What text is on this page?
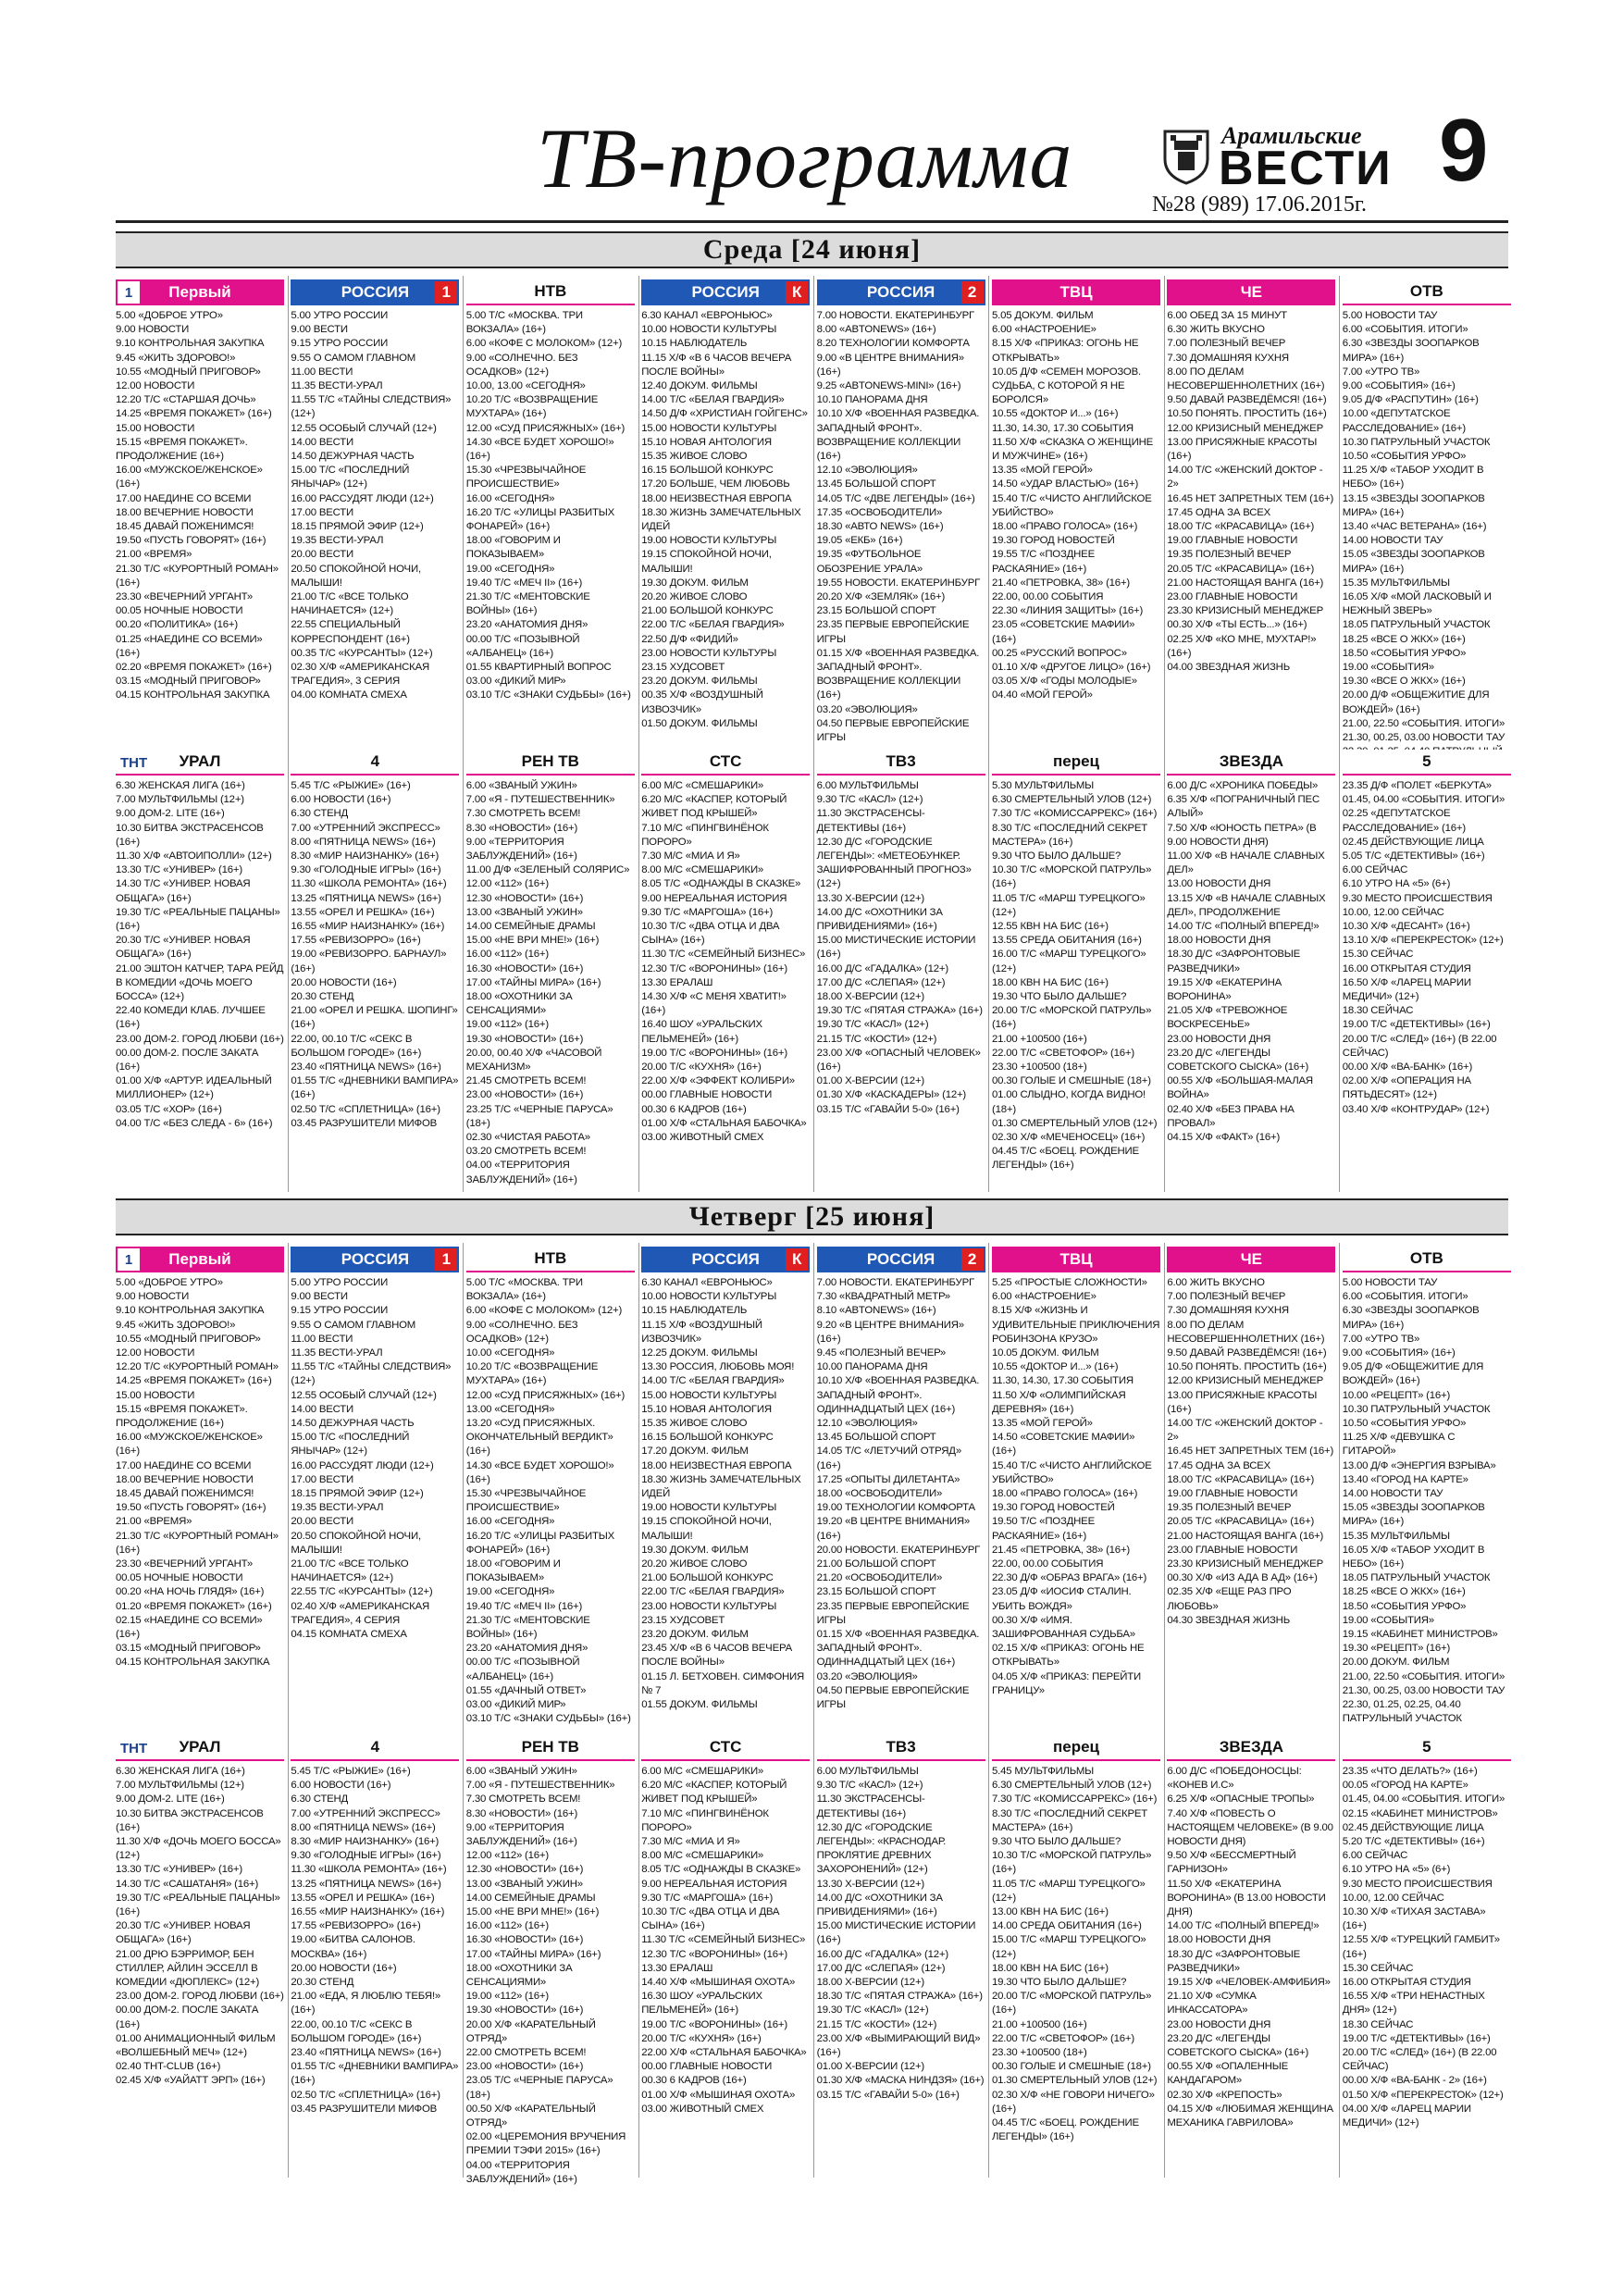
ТВ-программа	Арамильские
ВЕСТИ
№28 (989) 17.06.2015г.
9
Среда [24 июня]
1	Первый
5.00 «ДОБРОЕ УТРО»
9.00 НОВОСТИ
9.10 КОНТРОЛЬНАЯ ЗАКУПКА
9.45 «ЖИТЬ ЗДОРОВО!»
10.55 «МОДНЫЙ ПРИГОВОР»
12.00 НОВОСТИ
12.20 Т/С «СТАРШАЯ ДОЧЬ»
14.25 «ВРЕМЯ ПОКАЖЕТ» (16+)
15.00 НОВОСТИ
15.15 «ВРЕМЯ ПОКАЖЕТ». ПРОДОЛЖЕНИЕ (16+)
16.00 «МУЖСКОЕ/ЖЕНСКОЕ» (16+)
17.00 НАЕДИНЕ СО ВСЕМИ
18.00 ВЕЧЕРНИЕ НОВОСТИ
18.45 ДАВАЙ ПОЖЕНИМСЯ!
19.50 «ПУСТЬ ГОВОРЯТ» (16+)
21.00 «ВРЕМЯ»
21.30 Т/С «КУРОРТНЫЙ РОМАН» (16+)
23.30 «ВЕЧЕРНИЙ УРГАНТ»
00.05 НОЧНЫЕ НОВОСТИ
00.20 «ПОЛИТИКА» (16+)
01.25 «НАЕДИНЕ СО ВСЕМИ» (16+)
02.20 «ВРЕМЯ ПОКАЖЕТ» (16+)
03.15 «МОДНЫЙ ПРИГОВОР»
04.15 КОНТРОЛЬНАЯ ЗАКУПКА
РОССИЯ	1
5.00 УТРО РОССИИ
9.00 ВЕСТИ
9.15 УТРО РОССИИ
9.55 О САМОМ ГЛАВНОМ
11.00 ВЕСТИ
11.35 ВЕСТИ-УРАЛ
11.55 Т/С «ТАЙНЫ СЛЕДСТВИЯ» (12+)
12.55 ОСОБЫЙ СЛУЧАЙ (12+)
14.00 ВЕСТИ
14.50 ДЕЖУРНАЯ ЧАСТЬ
15.00 Т/С «ПОСЛЕДНИЙ ЯНЫЧАР» (12+)
16.00 РАССУДЯТ ЛЮДИ (12+)
17.00 ВЕСТИ
18.15 ПРЯМОЙ ЭФИР (12+)
19.35 ВЕСТИ-УРАЛ
20.00 ВЕСТИ
20.50 СПОКОЙНОЙ НОЧИ, МАЛЫШИ!
21.00 Т/С «ВСЕ ТОЛЬКО НАЧИНАЕТСЯ» (12+)
22.55 СПЕЦИАЛЬНЫЙ КОРРЕСПОНДЕНТ (16+)
00.35 Т/С «КУРСАНТЫ» (12+)
02.30 Х/Ф «АМЕРИКАНСКАЯ ТРАГЕДИЯ», 3 СЕРИЯ
04.00 КОМНАТА СМЕХА
НТВ
5.00 Т/С «МОСКВА. ТРИ ВОКЗАЛА» (16+)
6.00 «КОФЕ С МОЛОКОМ» (12+)
9.00 «СОЛНЕЧНО. БЕЗ ОСАДКОВ» (12+)
10.00, 13.00 «СЕГОДНЯ»
10.20 Т/С «ВОЗВРАЩЕНИЕ МУХТАРА» (16+)
12.00 «СУД ПРИСЯЖНЫХ» (16+)
14.30 «ВСЕ БУДЕТ ХОРОШО!» (16+)
15.30 «ЧРЕЗВЫЧАЙНОЕ ПРОИСШЕСТВИЕ»
16.00 «СЕГОДНЯ»
16.20 Т/С «УЛИЦЫ РАЗБИТЫХ ФОНАРЕЙ» (16+)
18.00 «ГОВОРИМ И ПОКАЗЫВАЕМ»
19.00 «СЕГОДНЯ»
19.40 Т/С «МЕЧ II» (16+)
21.30 Т/С «МЕНТОВСКИЕ ВОЙНЫ» (16+)
23.20 «АНАТОМИЯ ДНЯ»
00.00 Т/С «ПОЗЫВНОЙ «АЛБАНЕЦ» (16+)
01.55 КВАРТИРНЫЙ ВОПРОС
03.00 «ДИКИЙ МИР»
03.10 Т/С «ЗНАКИ СУДЬБЫ» (16+)
РОССИЯ	К
6.30 КАНАЛ «ЕВРОНЬЮС»
10.00 НОВОСТИ КУЛЬТУРЫ
10.15 НАБЛЮДАТЕЛЬ
11.15 Х/Ф «В 6 ЧАСОВ ВЕЧЕРА ПОСЛЕ ВОЙНЫ»
12.40 ДОКУМ. ФИЛЬМЫ
14.00 Т/С «БЕЛАЯ ГВАРДИЯ»
14.50 Д/Ф «ХРИСТИАН ГОЙГЕНС»
15.00 НОВОСТИ КУЛЬТУРЫ
15.10 НОВАЯ АНТОЛОГИЯ
15.35 ЖИВОЕ СЛОВО
16.15 БОЛЬШОЙ КОНКУРС
17.20 БОЛЬШЕ, ЧЕМ ЛЮБОВЬ
18.00 НЕИЗВЕСТНАЯ ЕВРОПА
18.30 ЖИЗНЬ ЗАМЕЧАТЕЛЬНЫХ ИДЕЙ
19.00 НОВОСТИ КУЛЬТУРЫ
19.15 СПОКОЙНОЙ НОЧИ, МАЛЫШИ!
19.30 ДОКУМ. ФИЛЬМ
20.20 ЖИВОЕ СЛОВО
21.00 БОЛЬШОЙ КОНКУРС
22.00 Т/С «БЕЛАЯ ГВАРДИЯ»
22.50 Д/Ф «ФИДИЙ»
23.00 НОВОСТИ КУЛЬТУРЫ
23.15 ХУДСОВЕТ
23.20 ДОКУМ. ФИЛЬМЫ
00.35 Х/Ф «ВОЗДУШНЫЙ ИЗВОЗЧИК»
01.50 ДОКУМ. ФИЛЬМЫ
РОССИЯ	2
7.00 НОВОСТИ. ЕКАТЕРИНБУРГ
8.00 «ABTONEWS» (16+)
8.20 ТЕХНОЛОГИИ КОМФОРТА
9.00 «В ЦЕНТРЕ ВНИМАНИЯ» (16+)
9.25 «ABTONEWS-MINI» (16+)
10.10 ПАНОРАМА ДНЯ
10.10 Х/Ф «ВОЕННАЯ РАЗВЕДКА. ЗАПАДНЫЙ ФРОНТ». ВОЗВРАЩЕНИЕ КОЛЛЕКЦИИ (16+)
12.10 «ЭВОЛЮЦИЯ»
13.45 БОЛЬШОЙ СПОРТ
14.05 Т/С «ДВЕ ЛЕГЕНДЫ» (16+)
17.35 «ОСВОБОДИТЕЛИ»
18.30 «АВТО NEWS» (16+)
19.05 «ЕКБ» (16+)
19.35 «ФУТБОЛЬНОЕ ОБОЗРЕНИЕ УРАЛА»
19.55 НОВОСТИ. ЕКАТЕРИНБУРГ
20.20 Х/Ф «ЗЕМЛЯК» (16+)
23.15 БОЛЬШОЙ СПОРТ
23.35 ПЕРВЫЕ ЕВРОПЕЙСКИЕ ИГРЫ
01.15 Х/Ф «ВОЕННАЯ РАЗВЕДКА. ЗАПАДНЫЙ ФРОНТ». ВОЗВРАЩЕНИЕ КОЛЛЕКЦИИ (16+)
03.20 «ЭВОЛЮЦИЯ»
04.50 ПЕРВЫЕ ЕВРОПЕЙСКИЕ ИГРЫ
ТВЦ
5.05 ДОКУМ. ФИЛЬМ
6.00 «НАСТРОЕНИЕ»
8.15 Х/Ф «ПРИКАЗ: ОГОНЬ НЕ ОТКРЫВАТЬ»
10.05 Д/Ф «СЕМЕН МОРОЗОВ. СУДЬБА, С КОТОРОЙ Я НЕ БОРОЛСЯ»
10.55 «ДОКТОР И...» (16+)
11.30, 14.30, 17.30 СОБЫТИЯ
11.50 Х/Ф «СКАЗКА О ЖЕНЩИНЕ И МУЖЧИНЕ» (16+)
13.35 «МОЙ ГЕРОЙ»
14.50 «УДАР ВЛАСТЬЮ» (16+)
15.40 Т/С «ЧИСТО АНГЛИЙСКОЕ УБИЙСТВО»
18.00 «ПРАВО ГОЛОСА» (16+)
19.30 ГОРОД НОВОСТЕЙ
19.55 Т/С «ПОЗДНЕЕ РАСКАЯНИЕ» (16+)
21.40 «ПЕТРОВКА, 38» (16+)
22.00, 00.00 СОБЫТИЯ
22.30 «ЛИНИЯ ЗАЩИТЫ» (16+)
23.05 «СОВЕТСКИЕ МАФИИ» (16+)
00.25 «РУССКИЙ ВОПРОС»
01.10 Х/Ф «ДРУГОЕ ЛИЦО» (16+)
03.05 Х/Ф «ГОДЫ МОЛОДЫЕ»
04.40 «МОЙ ГЕРОЙ»
ЧЕ
6.00 ОБЕД ЗА 15 МИНУТ
6.30 ЖИТЬ ВКУСНО
7.00 ПОЛЕЗНЫЙ ВЕЧЕР
7.30 ДОМАШНЯЯ КУХНЯ
8.00 ПО ДЕЛАМ НЕСОВЕРШЕННОЛЕТНИХ (16+)
9.50 ДАВАЙ РАЗВЕДЁМСЯ! (16+)
10.50 ПОНЯТЬ. ПРОСТИТЬ (16+)
12.00 КРИЗИСНЫЙ МЕНЕДЖЕР
13.00 ПРИСЯЖНЫЕ КРАСОТЫ (16+)
14.00 Т/С «ЖЕНСКИЙ ДОКТОР - 2»
16.45 НЕТ ЗАПРЕТНЫХ ТЕМ (16+)
17.45 ОДНА ЗА ВСЕХ
18.00 Т/С «КРАСАВИЦА» (16+)
19.00 ГЛАВНЫЕ НОВОСТИ
19.35 ПОЛЕЗНЫЙ ВЕЧЕР
20.05 Т/С «КРАСАВИЦА» (16+)
21.00 НАСТОЯЩАЯ ВАНГА (16+)
23.00 ГЛАВНЫЕ НОВОСТИ
23.30 КРИЗИСНЫЙ МЕНЕДЖЕР
00.30 Х/Ф «ТЫ ЕСТЬ...» (16+)
02.25 Х/Ф «КО МНЕ, МУХТАР!» (16+)
04.00 ЗВЕЗДНАЯ ЖИЗНЬ
ОТВ
5.00 НОВОСТИ ТАУ
6.00 «СОБЫТИЯ. ИТОГИ»
6.30 «ЗВЕЗДЫ ЗООПАРКОВ МИРА» (16+)
7.00 «УТРО ТВ»
9.00 «СОБЫТИЯ» (16+)
9.05 Д/Ф «РАСПУТИН» (16+)
10.00 «ДЕПУТАТСКОЕ РАССЛЕДОВАНИЕ» (16+)
10.30 ПАТРУЛЬНЫЙ УЧАСТОК
10.50 «СОБЫТИЯ УРФО»
11.25 Х/Ф «ТАБОР УХОДИТ В НЕБО» (16+)
13.15 «ЗВЕЗДЫ ЗООПАРКОВ МИРА» (16+)
13.40 «ЧАС ВЕТЕРАНА» (16+)
14.00 НОВОСТИ ТАУ
15.05 «ЗВЕЗДЫ ЗООПАРКОВ МИРА» (16+)
15.35 МУЛЬТФИЛЬМЫ
16.05 Х/Ф «МОЙ ЛАСКОВЫЙ И НЕЖНЫЙ ЗВЕРЬ»
18.05 ПАТРУЛЬНЫЙ УЧАСТОК
18.25 «ВСЕ О ЖКХ» (16+)
18.50 «СОБЫТИЯ УРФО»
19.00 «СОБЫТИЯ»
19.30 «ВСЕ О ЖКХ» (16+)
20.00 Д/Ф «ОБЩЕЖИТИЕ ДЛЯ ВОЖДЕЙ» (16+)
21.00, 22.50 «СОБЫТИЯ. ИТОГИ»
21.30, 00.25, 03.00 НОВОСТИ ТАУ
ТНТ УРАЛ
6.30 ЖЕНСКАЯ ЛИГА (16+)
7.00 МУЛЬТФИЛЬМЫ (12+)
9.00 ДОМ-2. LITE (16+)
10.30 БИТВА ЭКСТРАСЕНСОВ (16+)
11.30 Х/Ф «АВТОИПОЛЛИ» (12+)
13.30 Т/С «УНИВЕР» (16+)
14.30 Т/С «УНИВЕР. НОВАЯ ОБЩАГА» (16+)
19.30 Т/С «РЕАЛЬНЫЕ ПАЦАНЫ» (16+)
20.30 Т/С «УНИВЕР. НОВАЯ ОБЩАГА» (16+)
21.00 ЭШТОН КАТЧЕР, ТАРА РЕЙД В КОМЕДИИ «ДОЧЬ МОЕГО БОССА» (12+)
22.40 КОМЕДИ КЛАБ. ЛУЧШЕЕ (16+)
23.00 ДОМ-2. ГОРОД ЛЮБВИ (16+)
00.00 ДОМ-2. ПОСЛЕ ЗАКАТА (16+)
01.00 Х/Ф «АРТУР. ИДЕАЛЬНЫЙ МИЛЛИОНЕР» (12+)
03.05 Т/С «ХОР» (16+)
04.00 Т/С «БЕЗ СЛЕДА - 6» (16+)
4
5.45 Т/С «РЫЖИЕ» (16+)
6.00 НОВОСТИ (16+)
6.30 СТЕНД
7.00 «УТРЕННИЙ ЭКСПРЕСС»
8.00 «ПЯТНИЦА NEWS» (16+)
8.30 «МИР НАИЗНАНКУ» (16+)
9.30 «ГОЛОДНЫЕ ИГРЫ» (16+)
11.30 «ШКОЛА РЕМОНТА» (16+)
13.25 «ПЯТНИЦА NEWS» (16+)
13.55 «ОРЕЛ И РЕШКА» (16+)
16.55 «МИР НАИЗНАНКУ» (16+)
17.55 «РЕВИЗОРРО» (16+)
19.00 «РЕВИЗОРРО. БАРНАУЛ» (16+)
20.00 НОВОСТИ (16+)
20.30 СТЕНД
21.00 «ОРЕЛ И РЕШКА. ШОПИНГ» (16+)
22.00, 00.10 Т/С «СЕКС В БОЛЬШОМ ГОРОДЕ» (16+)
23.40 «ПЯТНИЦА NEWS» (16+)
01.55 Т/С «ДНЕВНИКИ ВАМПИРА» (16+)
02.50 Т/С «СПЛЕТНИЦА» (16+)
03.45 РАЗРУШИТЕЛИ МИФОВ
РЕН ТВ
6.00 «ЗВАНЫЙ УЖИН»
7.00 «Я - ПУТЕШЕСТВЕННИК»
7.30 СМОТРЕТЬ ВСЕМ!
8.30 «НОВОСТИ» (16+)
9.00 «ТЕРРИТОРИЯ ЗАБЛУЖДЕНИЙ» (16+)
11.00 Д/Ф «ЗЕЛЕНЫЙ СОЛЯРИС»
12.00 «112» (16+)
12.30 «НОВОСТИ» (16+)
13.00 «ЗВАНЫЙ УЖИН»
14.00 СЕМЕЙНЫЕ ДРАМЫ
15.00 «НЕ ВРИ МНЕ!» (16+)
16.00 «112» (16+)
16.30 «НОВОСТИ» (16+)
17.00 «ТАЙНЫ МИРА» (16+)
18.00 «ОХОТНИКИ ЗА СЕНСАЦИЯМИ»
19.00 «112» (16+)
19.30 «НОВОСТИ» (16+)
20.00, 00.40 Х/Ф «ЧАСОВОЙ МЕХАНИЗМ»
21.45 СМОТРЕТЬ ВСЕМ!
23.00 «НОВОСТИ» (16+)
23.25 Т/С «ЧЕРНЫЕ ПАРУСА» (18+)
02.30 «ЧИСТАЯ РАБОТА»
03.20 СМОТРЕТЬ ВСЕМ!
04.00 «ТЕРРИТОРИЯ ЗАБЛУЖДЕНИЙ» (16+)
СТС
6.00 М/С «СМЕШАРИКИ»
6.20 М/С «КАСПЕР, КОТОРЫЙ ЖИВЕТ ПОД КРЫШЕЙ»
7.10 М/С «ПИНГВИНЁНОК ПОРОРО»
7.30 М/С «МИА И Я»
8.00 М/С «СМЕШАРИКИ»
8.05 Т/С «ОДНАЖДЫ В СКАЗКЕ»
9.00 НЕРЕАЛЬНАЯ ИСТОРИЯ
9.30 Т/С «МАРГОША» (16+)
10.30 Т/С «ДВА ОТЦА И ДВА СЫНА» (16+)
11.30 Т/С «СЕМЕЙНЫЙ БИЗНЕС»
12.30 Т/С «ВОРОНИНЫ» (16+)
13.30 ЕРАЛАШ
14.30 Х/Ф «С МЕНЯ ХВАТИТ!» (16+)
16.40 ШОУ «УРАЛЬСКИХ ПЕЛЬМЕНЕЙ» (16+)
19.00 Т/С «ВОРОНИНЫ» (16+)
20.00 Т/С «КУХНЯ» (16+)
22.00 Х/Ф «ЭФФЕКТ КОЛИБРИ»
00.00 ГЛАВНЫЕ НОВОСТИ
00.30 6 КАДРОВ (16+)
01.00 Х/Ф «СТАЛЬНАЯ БАБОЧКА»
03.00 ЖИВОТНЫЙ СМЕХ
ТВ3
6.00 МУЛЬТФИЛЬМЫ
9.30 Т/С «КАСЛ» (12+)
11.30 ЭКСТРАСЕНСЫ-ДЕТЕКТИВЫ (16+)
12.30 Д/С «ГОРОДСКИЕ ЛЕГЕНДЫ»: «МЕТЕОБУНКЕР. ЗАШИФРОВАННЫЙ ПРОГНОЗ» (12+)
13.30 Х-ВЕРСИИ (12+)
14.00 Д/С «ОХОТНИКИ ЗА ПРИВИДЕНИЯМИ» (16+)
15.00 МИСТИЧЕСКИЕ ИСТОРИИ (16+)
16.00 Д/С «ГАДАЛКА» (12+)
17.00 Д/С «СЛЕПАЯ» (12+)
18.00 Х-ВЕРСИИ (12+)
19.30 Т/С «ПЯТАЯ СТРАЖА» (16+)
19.30 Т/С «КАСЛ» (12+)
21.15 Т/С «КОСТИ» (12+)
23.00 Х/Ф «ОПАСНЫЙ ЧЕЛОВЕК» (16+)
01.00 Х-ВЕРСИИ (12+)
01.30 Х/Ф «КАСКАДЕРЫ» (12+)
03.15 Т/С «ГАВАЙИ 5-0» (16+)
перец
5.30 МУЛЬТФИЛЬМЫ
6.30 СМЕРТЕЛЬНЫЙ УЛОВ (12+)
7.30 Т/С «КОМИССАРРЕКС» (16+)
8.30 Т/С «ПОСЛЕДНИЙ СЕКРЕТ МАСТЕРА» (16+)
9.30 ЧТО БЫЛО ДАЛЬШЕ?
10.30 Т/С «МОРСКОЙ ПАТРУЛЬ» (16+)
11.05 Т/С «МАРШ ТУРЕЦКОГО» (12+)
12.55 КВН НА БИС (16+)
13.55 СРЕДА ОБИТАНИЯ (16+)
16.00 Т/С «МАРШ ТУРЕЦКОГО» (12+)
18.00 КВН НА БИС (16+)
19.30 ЧТО БЫЛО ДАЛЬШЕ?
20.00 Т/С «МОРСКОЙ ПАТРУЛЬ» (16+)
21.00 +100500 (16+)
22.00 Т/С «СВЕТОФОР» (16+)
23.30 +100500 (18+)
00.30 ГОЛЫЕ И СМЕШНЫЕ (18+)
01.00 СЛЫДНО, КОГДА ВИДНО! (18+)
01.30 СМЕРТЕЛЬНЫЙ УЛОВ (12+)
02.30 Х/Ф «МЕЧЕНОСЕЦ» (16+)
04.45 Т/С «БОЕЦ. РОЖДЕНИЕ ЛЕГЕНДЫ» (16+)
ЗВЕЗДА
6.00 Д/С «ХРОНИКА ПОБЕДЫ»
6.35 Х/Ф «ПОГРАНИЧНЫЙ ПЕС АЛЫЙ»
7.50 Х/Ф «ЮНОСТЬ ПЕТРА» (В 9.00 НОВОСТИ ДНЯ)
11.00 Х/Ф «В НАЧАЛЕ СЛАВНЫХ ДЕЛ»
13.00 НОВОСТИ ДНЯ
13.15 Х/Ф «В НАЧАЛЕ СЛАВНЫХ ДЕЛ», ПРОДОЛЖЕНИЕ
14.00 Т/С «ПОЛНЫЙ ВПЕРЕД!»
18.00 НОВОСТИ ДНЯ
18.30 Д/С «ЗАФРОНТОВЫЕ РАЗВЕДЧИКИ»
19.15 Х/Ф «ЕКАТЕРИНА ВОРОНИНА»
21.05 Х/Ф «ТРЕВОЖНОЕ ВОСКРЕСЕНЬЕ»
23.00 НОВОСТИ ДНЯ
23.20 Д/С «ЛЕГЕНДЫ СОВЕТСКОГО СЫСКА» (16+)
00.55 Х/Ф «БОЛЬШАЯ-МАЛАЯ ВОЙНА»
02.40 Х/Ф «БЕЗ ПРАВА НА ПРОВАЛ»
04.15 Х/Ф «ФАКТ» (16+)
5
23.35 Д/Ф «ПОЛЕТ «БЕРКУТА»
01.45, 04.00 «СОБЫТИЯ. ИТОГИ»
02.25 «ДЕПУТАТСКОЕ РАССЛЕДОВАНИЕ» (16+)
02.45 ДЕЙСТВУЮЩИЕ ЛИЦА
5.05 Т/С «ДЕТЕКТИВЫ» (16+)
6.00 СЕЙЧАС
6.10 УТРО НА «5» (6+)
9.30 МЕСТО ПРОИСШЕСТВИЯ
10.00, 12.00 СЕЙЧАС
10.30 Х/Ф «ДЕСАНТ» (16+)
13.10 Х/Ф «ПЕРЕКРЕСТОК» (12+)
15.30 СЕЙЧАС
16.00 ОТКРЫТАЯ СТУДИЯ
16.50 Х/Ф «ЛАРЕЦ МАРИИ МЕДИЧИ» (12+)
18.30 СЕЙЧАС
19.00 Т/С «ДЕТЕКТИВЫ» (16+)
20.00 Т/С «СЛЕД» (16+) (В 22.00 СЕЙЧАС)
00.00 Х/Ф «ВА-БАНК» (16+)
02.00 Х/Ф «ОПЕРАЦИЯ НА ПЯТЬДЕСЯТ» (12+)
03.40 Х/Ф «КОНТРУДАР» (12+)
Четверг [25 июня]
1	Первый
5.00 «ДОБРОЕ УТРО»
9.00 НОВОСТИ
9.10 КОНТРОЛЬНАЯ ЗАКУПКА
9.45 «ЖИТЬ ЗДОРОВО!»
10.55 «МОДНЫЙ ПРИГОВОР»
12.00 НОВОСТИ
12.20 Т/С «КУРОРТНЫЙ РОМАН»
14.25 «ВРЕМЯ ПОКАЖЕТ» (16+)
15.00 НОВОСТИ
15.15 «ВРЕМЯ ПОКАЖЕТ». ПРОДОЛЖЕНИЕ (16+)
16.00 «МУЖСКОЕ/ЖЕНСКОЕ» (16+)
17.00 НАЕДИНЕ СО ВСЕМИ
18.00 ВЕЧЕРНИЕ НОВОСТИ
18.45 ДАВАЙ ПОЖЕНИМСЯ!
19.50 «ПУСТЬ ГОВОРЯТ» (16+)
21.00 «ВРЕМЯ»
21.30 Т/С «КУРОРТНЫЙ РОМАН» (16+)
23.30 «ВЕЧЕРНИЙ УРГАНТ»
00.05 НОЧНЫЕ НОВОСТИ
00.20 «НА НОЧЬ ГЛЯДЯ» (16+)
01.20 «ВРЕМЯ ПОКАЖЕТ» (16+)
02.15 «НАЕДИНЕ СО ВСЕМИ» (16+)
03.15 «МОДНЫЙ ПРИГОВОР»
04.15 КОНТРОЛЬНАЯ ЗАКУПКА
РОССИЯ	1
5.00 УТРО РОССИИ
9.00 ВЕСТИ
9.15 УТРО РОССИИ
9.55 О САМОМ ГЛАВНОМ
11.00 ВЕСТИ
11.35 ВЕСТИ-УРАЛ
11.55 Т/С «ТАЙНЫ СЛЕДСТВИЯ» (12+)
12.55 ОСОБЫЙ СЛУЧАЙ (12+)
14.00 ВЕСТИ
14.50 ДЕЖУРНАЯ ЧАСТЬ
15.00 Т/С «ПОСЛЕДНИЙ ЯНЫЧАР» (12+)
16.00 РАССУДЯТ ЛЮДИ (12+)
17.00 ВЕСТИ
18.15 ПРЯМОЙ ЭФИР (12+)
19.35 ВЕСТИ-УРАЛ
20.00 ВЕСТИ
20.50 СПОКОЙНОЙ НОЧИ, МАЛЫШИ!
21.00 Т/С «ВСЕ ТОЛЬКО НАЧИНАЕТСЯ» (12+)
22.55 Т/С «КУРСАНТЫ» (12+)
02.40 Х/Ф «АМЕРИКАНСКАЯ ТРАГЕДИЯ», 4 СЕРИЯ
04.15 КОМНАТА СМЕХА
НТВ
5.00 Т/С «МОСКВА. ТРИ ВОКЗАЛА» (16+)
6.00 «КОФЕ С МОЛОКОМ» (12+)
9.00 «СОЛНЕЧНО. БЕЗ ОСАДКОВ» (12+)
10.00 «СЕГОДНЯ»
10.20 Т/С «ВОЗВРАЩЕНИЕ МУХТАРА» (16+)
12.00 «СУД ПРИСЯЖНЫХ» (16+)
13.00 «СЕГОДНЯ»
13.20 «СУД ПРИСЯЖНЫХ. ОКОНЧАТЕЛЬНЫЙ ВЕРДИКТ» (16+)
14.30 «ВСЕ БУДЕТ ХОРОШО!» (16+)
15.30 «ЧРЕЗВЫЧАЙНОЕ ПРОИСШЕСТВИЕ»
16.00 «СЕГОДНЯ»
16.20 Т/С «УЛИЦЫ РАЗБИТЫХ ФОНАРЕЙ» (16+)
18.00 «ГОВОРИМ И ПОКАЗЫВАЕМ»
19.00 «СЕГОДНЯ»
19.40 Т/С «МЕЧ II» (16+)
21.30 Т/С «МЕНТОВСКИЕ ВОЙНЫ» (16+)
23.20 «АНАТОМИЯ ДНЯ»
00.00 Т/С «ПОЗЫВНОЙ «АЛБАНЕЦ» (16+)
01.55 «ДАЧНЫЙ ОТВЕТ»
03.00 «ДИКИЙ МИР»
03.10 Т/С «ЗНАКИ СУДЬБЫ» (16+)
РОССИЯ	К
6.30 КАНАЛ «ЕВРОНЬЮС»
10.00 НОВОСТИ КУЛЬТУРЫ
10.15 НАБЛЮДАТЕЛЬ
11.15 Х/Ф «ВОЗДУШНЫЙ ИЗВОЗЧИК»
12.25 ДОКУМ. ФИЛЬМЫ
13.30 РОССИЯ, ЛЮБОВЬ МОЯ!
14.00 Т/С «БЕЛАЯ ГВАРДИЯ»
15.00 НОВОСТИ КУЛЬТУРЫ
15.10 НОВАЯ АНТОЛОГИЯ
15.35 ЖИВОЕ СЛОВО
16.15 БОЛЬШОЙ КОНКУРС
17.20 ДОКУМ. ФИЛЬМ
18.00 НЕИЗВЕСТНАЯ ЕВРОПА
18.30 ЖИЗНЬ ЗАМЕЧАТЕЛЬНЫХ ИДЕЙ
19.00 НОВОСТИ КУЛЬТУРЫ
19.15 СПОКОЙНОЙ НОЧИ, МАЛЫШИ!
19.30 ДОКУМ. ФИЛЬМ
20.20 ЖИВОЕ СЛОВО
21.00 БОЛЬШОЙ КОНКУРС
22.00 Т/С «БЕЛАЯ ГВАРДИЯ»
23.00 НОВОСТИ КУЛЬТУРЫ
23.15 ХУДСОВЕТ
23.20 ДОКУМ. ФИЛЬМ
23.45 Х/Ф «В 6 ЧАСОВ ВЕЧЕРА ПОСЛЕ ВОЙНЫ»
01.15 Л. БЕТХОВЕН. СИМФОНИЯ № 7
01.55 ДОКУМ. ФИЛЬМЫ
РОССИЯ	2
7.00 НОВОСТИ. ЕКАТЕРИНБУРГ
7.30 «КВАДРАТНЫЙ МЕТР»
8.10 «ABTONEWS» (16+)
9.20 «В ЦЕНТРЕ ВНИМАНИЯ» (16+)
9.45 «ПОЛЕЗНЫЙ ВЕЧЕР»
10.00 ПАНОРАМА ДНЯ
10.10 Х/Ф «ВОЕННАЯ РАЗВЕДКА. ЗАПАДНЫЙ ФРОНТ». ОДИННАДЦАТЫЙ ЦЕХ (16+)
12.10 «ЭВОЛЮЦИЯ»
13.45 БОЛЬШОЙ СПОРТ
14.05 Т/С «ЛЕТУЧИЙ ОТРЯД» (16+)
17.25 «ОПЫТЫ ДИЛЕТАНТА»
18.00 «ОСВОБОДИТЕЛИ»
19.00 ТЕХНОЛОГИИ КОМФОРТА
19.20 «В ЦЕНТРЕ ВНИМАНИЯ» (16+)
20.00 НОВОСТИ. ЕКАТЕРИНБУРГ
21.00 БОЛЬШОЙ СПОРТ
21.20 «ОСВОБОДИТЕЛИ»
23.15 БОЛЬШОЙ СПОРТ
23.35 ПЕРВЫЕ ЕВРОПЕЙСКИЕ ИГРЫ
01.15 Х/Ф «ВОЕННАЯ РАЗВЕДКА. ЗАПАДНЫЙ ФРОНТ». ОДИННАДЦАТЫЙ ЦЕХ (16+)
03.20 «ЭВОЛЮЦИЯ»
04.50 ПЕРВЫЕ ЕВРОПЕЙСКИЕ ИГРЫ
ТВЦ
5.25 «ПРОСТЫЕ СЛОЖНОСТИ»
6.00 «НАСТРОЕНИЕ»
8.15 Х/Ф «ЖИЗНЬ И УДИВИТЕЛЬНЫЕ ПРИКЛЮЧЕНИЯ РОБИНЗОНА КРУЗО»
10.05 ДОКУМ. ФИЛЬМ
10.55 «ДОКТОР И...» (16+)
11.30, 14.30, 17.30 СОБЫТИЯ
11.50 Х/Ф «ОЛИМПИЙСКАЯ ДЕРЕВНЯ» (16+)
13.35 «МОЙ ГЕРОЙ»
14.50 «СОВЕТСКИЕ МАФИИ» (16+)
15.40 Т/С «ЧИСТО АНГЛИЙСКОЕ УБИЙСТВО»
18.00 «ПРАВО ГОЛОСА» (16+)
19.30 ГОРОД НОВОСТЕЙ
19.50 Т/С «ПОЗДНЕЕ РАСКАЯНИЕ» (16+)
21.45 «ПЕТРОВКА, 38» (16+)
22.00, 00.00 СОБЫТИЯ
22.30 Д/Ф «ОБРАЗ ВРАГА» (16+)
23.05 Д/Ф «ИОСИФ СТАЛИН. УБИТЬ ВОЖДЯ»
00.30 Х/Ф «ИМЯ. ЗАШИФРОВАННАЯ СУДЬБА»
02.15 Х/Ф «ПРИКАЗ: ОГОНЬ НЕ ОТКРЫВАТЬ»
04.05 Х/Ф «ПРИКАЗ: ПЕРЕЙТИ ГРАНИЦУ»
ЧЕ
6.00 ЖИТЬ ВКУСНО
7.00 ПОЛЕЗНЫЙ ВЕЧЕР
7.30 ДОМАШНЯЯ КУХНЯ
8.00 ПО ДЕЛАМ НЕСОВЕРШЕННОЛЕТНИХ (16+)
9.50 ДАВАЙ РАЗВЕДЁМСЯ! (16+)
10.50 ПОНЯТЬ. ПРОСТИТЬ (16+)
12.00 КРИЗИСНЫЙ МЕНЕДЖЕР
13.00 ПРИСЯЖНЫЕ КРАСОТЫ (16+)
14.00 Т/С «ЖЕНСКИЙ ДОКТОР - 2»
16.45 НЕТ ЗАПРЕТНЫХ ТЕМ (16+)
17.45 ОДНА ЗА ВСЕХ
18.00 Т/С «КРАСАВИЦА» (16+)
19.00 ГЛАВНЫЕ НОВОСТИ
19.35 ПОЛЕЗНЫЙ ВЕЧЕР
20.05 Т/С «КРАСАВИЦА» (16+)
21.00 НАСТОЯЩАЯ ВАНГА (16+)
23.00 ГЛАВНЫЕ НОВОСТИ
23.30 КРИЗИСНЫЙ МЕНЕДЖЕР
00.30 Х/Ф «ИЗ АДА В АД» (16+)
02.35 Х/Ф «ЕЩЕ РАЗ ПРО ЛЮБОВЬ»
04.30 ЗВЕЗДНАЯ ЖИЗНЬ
ОТВ
5.00 НОВОСТИ ТАУ
6.00 «СОБЫТИЯ. ИТОГИ»
6.30 «ЗВЕЗДЫ ЗООПАРКОВ МИРА» (16+)
7.00 «УТРО ТВ»
9.00 «СОБЫТИЯ» (16+)
9.05 Д/Ф «ОБЩЕЖИТИЕ ДЛЯ ВОЖДЕЙ» (16+)
10.00 «РЕЦЕПТ» (16+)
10.30 ПАТРУЛЬНЫЙ УЧАСТОК
10.50 «СОБЫТИЯ УРФО»
11.25 Х/Ф «ДЕВУШКА С ГИТАРОЙ»
13.00 Д/Ф «ЭНЕРГИЯ ВЗРЫВА»
13.40 «ГОРОД НА КАРТЕ»
14.00 НОВОСТИ ТАУ
15.05 «ЗВЕЗДЫ ЗООПАРКОВ МИРА» (16+)
15.35 МУЛЬТФИЛЬМЫ
16.05 Х/Ф «ТАБОР УХОДИТ В НЕБО» (16+)
18.05 ПАТРУЛЬНЫЙ УЧАСТОК
18.25 «ВСЕ О ЖКХ» (16+)
18.50 «СОБЫТИЯ УРФО»
19.00 «СОБЫТИЯ»
19.15 «КАБИНЕТ МИНИСТРОВ»
19.30 «РЕЦЕПТ» (16+)
20.00 ДОКУМ. ФИЛЬМ
21.00, 22.50 «СОБЫТИЯ. ИТОГИ»
21.30, 00.25, 03.00 НОВОСТИ ТАУ
22.30, 01.25, 02.25, 04.40 ПАТРУЛЬНЫЙ УЧАСТОК
ТНТ УРАЛ
6.30 ЖЕНСКАЯ ЛИГА (16+)
7.00 МУЛЬТФИЛЬМЫ (12+)
9.00 ДОМ-2. LITE (16+)
10.30 БИТВА ЭКСТРАСЕНСОВ (16+)
11.30 Х/Ф «ДОЧЬ МОЕГО БОССА» (12+)
13.30 Т/С «УНИВЕР» (16+)
14.30 Т/С «САШАТАНЯ» (16+)
19.30 Т/С «РЕАЛЬНЫЕ ПАЦАНЫ» (16+)
20.30 Т/С «УНИВЕР. НОВАЯ ОБЩАГА» (16+)
21.00 ДРЮ БЭРРИМОР, БЕН СТИЛЛЕР, АЙЛИН ЭССЕЛЛ В КОМЕДИИ «ДЮПЛЕКС» (12+)
23.00 ДОМ-2. ГОРОД ЛЮБВИ (16+)
00.00 ДОМ-2. ПОСЛЕ ЗАКАТА (16+)
01.00 АНИМАЦИОННЫЙ ФИЛЬМ «ВОЛШЕБНЫЙ МЕЧ» (12+)
02.40 THT-CLUB (16+)
02.45 Х/Ф «УАЙАТТ ЭРП» (16+)
4
5.45 Т/С «РЫЖИЕ» (16+)
6.00 НОВОСТИ (16+)
6.30 СТЕНД
7.00 «УТРЕННИЙ ЭКСПРЕСС»
8.00 «ПЯТНИЦА NEWS» (16+)
8.30 «МИР НАИЗНАНКУ» (16+)
9.30 «ГОЛОДНЫЕ ИГРЫ» (16+)
11.30 «ШКОЛА РЕМОНТА» (16+)
13.25 «ПЯТНИЦА NEWS» (16+)
13.55 «ОРЕЛ И РЕШКА» (16+)
16.55 «МИР НАИЗНАНКУ» (16+)
17.55 «РЕВИЗОРРО» (16+)
19.00 «БИТВА САЛОНОВ. МОСКВА» (16+)
20.00 НОВОСТИ (16+)
20.30 СТЕНД
21.00 «ЕДА, Я ЛЮБЛЮ ТЕБЯ!» (16+)
22.00, 00.10 Т/С «СЕКС В БОЛЬШОМ ГОРОДЕ» (16+)
23.40 «ПЯТНИЦА NEWS» (16+)
01.55 Т/С «ДНЕВНИКИ ВАМПИРА» (16+)
02.50 Т/С «СПЛЕТНИЦА» (16+)
03.45 РАЗРУШИТЕЛИ МИФОВ
РЕН ТВ
6.00 «ЗВАНЫЙ УЖИН»
7.00 «Я - ПУТЕШЕСТВЕННИК»
7.30 СМОТРЕТЬ ВСЕМ!
8.30 «НОВОСТИ» (16+)
9.00 «ТЕРРИТОРИЯ ЗАБЛУЖДЕНИЙ» (16+)
12.00 «112» (16+)
12.30 «НОВОСТИ» (16+)
13.00 «ЗВАНЫЙ УЖИН»
14.00 СЕМЕЙНЫЕ ДРАМЫ
15.00 «НЕ ВРИ МНЕ!» (16+)
16.00 «112» (16+)
16.30 «НОВОСТИ» (16+)
17.00 «ТАЙНЫ МИРА» (16+)
18.00 «ОХОТНИКИ ЗА СЕНСАЦИЯМИ»
19.00 «112» (16+)
19.30 «НОВОСТИ» (16+)
20.00 Х/Ф «КАРАТЕЛЬНЫЙ ОТРЯД»
22.00 СМОТРЕТЬ ВСЕМ!
23.00 «НОВОСТИ» (16+)
23.05 Т/С «ЧЕРНЫЕ ПАРУСА» (18+)
00.50 Х/Ф «КАРАТЕЛЬНЫЙ ОТРЯД»
02.00 «ЦЕРЕМОНИЯ ВРУЧЕНИЯ ПРЕМИИ ТЭФИ 2015» (16+)
04.00 «ТЕРРИТОРИЯ ЗАБЛУЖДЕНИЙ» (16+)
СТС
6.00 М/С «СМЕШАРИКИ»
6.20 М/С «КАСПЕР, КОТОРЫЙ ЖИВЕТ ПОД КРЫШЕЙ»
7.10 М/С «ПИНГВИНЁНОК ПОРОРО»
7.30 М/С «МИА И Я»
8.00 М/С «СМЕШАРИКИ»
8.05 Т/С «ОДНАЖДЫ В СКАЗКЕ»
9.00 НЕРЕАЛЬНАЯ ИСТОРИЯ
9.30 Т/С «МАРГОША» (16+)
10.30 Т/С «ДВА ОТЦА И ДВА СЫНА» (16+)
11.30 Т/С «СЕМЕЙНЫЙ БИЗНЕС»
12.30 Т/С «ВОРОНИНЫ» (16+)
13.30 ЕРАЛАШ
14.40 Х/Ф «МЫШИНАЯ ОХОТА»
16.30 ШОУ «УРАЛЬСКИХ ПЕЛЬМЕНЕЙ» (16+)
19.00 Т/С «ВОРОНИНЫ» (16+)
20.00 Т/С «КУХНЯ» (16+)
22.00 Х/Ф «СТАЛЬНАЯ БАБОЧКА»
00.00 ГЛАВНЫЕ НОВОСТИ
00.30 6 КАДРОВ (16+)
01.00 Х/Ф «МЫШИНАЯ ОХОТА»
03.00 ЖИВОТНЫЙ СМЕХ
ТВ3
6.00 МУЛЬТФИЛЬМЫ
9.30 Т/С «КАСЛ» (12+)
11.30 ЭКСТРАСЕНСЫ-ДЕТЕКТИВЫ (16+)
12.30 Д/С «ГОРОДСКИЕ ЛЕГЕНДЫ»: «КРАСНОДАР. ПРОКЛЯТИЕ ДРЕВНИХ ЗАХОРОНЕНИЙ» (12+)
13.30 Х-ВЕРСИИ (12+)
14.00 Д/С «ОХОТНИКИ ЗА ПРИВИДЕНИЯМИ» (16+)
15.00 МИСТИЧЕСКИЕ ИСТОРИИ (16+)
16.00 Д/С «ГАДАЛКА» (12+)
17.00 Д/С «СЛЕПАЯ» (12+)
18.00 Х-ВЕРСИИ (12+)
18.30 Т/С «ПЯТАЯ СТРАЖА» (16+)
19.30 Т/С «КАСЛ» (12+)
21.15 Т/С «КОСТИ» (12+)
23.00 Х/Ф «ВЫМИРАЮЩИЙ ВИД» (16+)
01.00 Х-ВЕРСИИ (12+)
01.30 Х/Ф «МАСКА НИНДЗЯ» (16+)
03.15 Т/С «ГАВАЙИ 5-0» (16+)
перец
5.45 МУЛЬТФИЛЬМЫ
6.30 СМЕРТЕЛЬНЫЙ УЛОВ (12+)
7.30 Т/С «КОМИССАРРЕКС» (16+)
8.30 Т/С «ПОСЛЕДНИЙ СЕКРЕТ МАСТЕРА» (16+)
9.30 ЧТО БЫЛО ДАЛЬШЕ?
10.30 Т/С «МОРСКОЙ ПАТРУЛЬ» (16+)
11.05 Т/С «МАРШ ТУРЕЦКОГО» (12+)
13.00 КВН НА БИС (16+)
14.00 СРЕДА ОБИТАНИЯ (16+)
15.00 Т/С «МАРШ ТУРЕЦКОГО» (12+)
18.00 КВН НА БИС (16+)
19.30 ЧТО БЫЛО ДАЛЬШЕ?
20.00 Т/С «МОРСКОЙ ПАТРУЛЬ» (16+)
21.00 +100500 (16+)
22.00 Т/С «СВЕТОФОР» (16+)
23.30 +100500 (18+)
00.30 ГОЛЫЕ И СМЕШНЫЕ (18+)
01.30 СМЕРТЕЛЬНЫЙ УЛОВ (12+)
02.30 Х/Ф «НЕ ГОВОРИ НИЧЕГО» (16+)
04.45 Т/С «БОЕЦ. РОЖДЕНИЕ ЛЕГЕНДЫ» (16+)
ЗВЕЗДА
6.00 Д/С «ПОБЕДОНОСЦЫ: «КОНЕВ И.С»
6.25 Х/Ф «ОПАСНЫЕ ТРОПЫ»
7.40 Х/Ф «ПОВЕСТЬ О НАСТОЯЩЕМ ЧЕЛОВЕКЕ» (В 9.00 НОВОСТИ ДНЯ)
9.50 Х/Ф «БЕССМЕРТНЫЙ ГАРНИЗОН»
11.50 Х/Ф «ЕКАТЕРИНА ВОРОНИНА» (В 13.00 НОВОСТИ ДНЯ)
14.00 Т/С «ПОЛНЫЙ ВПЕРЕД!»
18.00 НОВОСТИ ДНЯ
18.30 Д/С «ЗАФРОНТОВЫЕ РАЗВЕДЧИКИ»
19.15 Х/Ф «ЧЕЛОВЕК-АМФИБИЯ»
21.10 Х/Ф «СУМКА ИНКАССАТОРА»
23.00 НОВОСТИ ДНЯ
23.20 Д/С «ЛЕГЕНДЫ СОВЕТСКОГО СЫСКА» (16+)
00.55 Х/Ф «ОПАЛЕННЫЕ КАНДАГАРОМ»
02.30 Х/Ф «КРЕПОСТЬ»
04.15 Х/Ф «ЛЮБИМАЯ ЖЕНЩИНА МЕХАНИКА ГАВРИЛОВА»
5
23.35 «ЧТО ДЕЛАТЬ?» (16+)
00.05 «ГОРОД НА КАРТЕ»
01.45, 04.00 «СОБЫТИЯ. ИТОГИ»
02.15 «КАБИНЕТ МИНИСТРОВ»
02.45 ДЕЙСТВУЮЩИЕ ЛИЦА
5.20 Т/С «ДЕТЕКТИВЫ» (16+)
6.00 СЕЙЧАС
6.10 УТРО НА «5» (6+)
9.30 МЕСТО ПРОИСШЕСТВИЯ
10.00, 12.00 СЕЙЧАС
10.30 Х/Ф «ТИХАЯ ЗАСТАВА» (16+)
12.55 Х/Ф «ТУРЕЦКИЙ ГАМБИТ» (16+)
15.30 СЕЙЧАС
16.00 ОТКРЫТАЯ СТУДИЯ
16.55 Х/Ф «ТРИ НЕНАСТНЫХ ДНЯ» (12+)
18.30 СЕЙЧАС
19.00 Т/С «ДЕТЕКТИВЫ» (16+)
20.00 Т/С «СЛЕД» (16+) (В 22.00 СЕЙЧАС)
00.00 Х/Ф «ВА-БАНК - 2» (16+)
01.50 Х/Ф «ПЕРЕКРЕСТОК» (12+)
04.00 Х/Ф «ЛАРЕЦ МАРИИ МЕДИЧИ» (12+)
